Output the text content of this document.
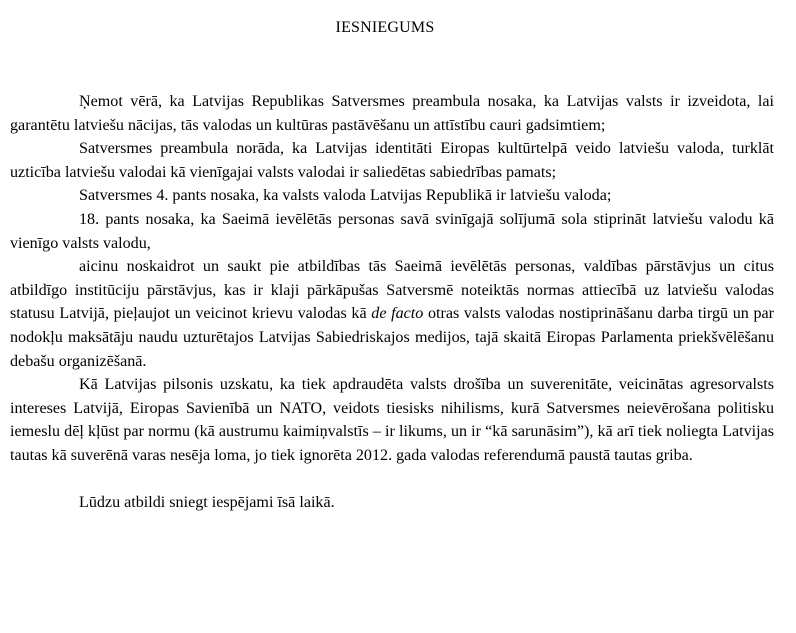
IESNIEGUMS

Ņemot vērā, ka Latvijas Republikas Satversmes preambula nosaka, ka Latvijas valsts ir izveidota, lai garantētu latviešu nācijas, tās valodas un kultūras pastāvēšanu un attīstību cauri gadsimtiem;

Satversmes preambula norāda, ka Latvijas identitāti Eiropas kultūrtelpā veido latviešu valoda, turklāt uzticība latviešu valodai kā vienīgajai valsts valodai ir saliedētas sabiedrības pamats;

Satversmes 4. pants nosaka, ka valsts valoda Latvijas Republikā ir latviešu valoda;

18. pants nosaka, ka Saeimā ievēlētās personas savā svinīgajā solījumā sola stiprināt latviešu valodu kā vienīgo valsts valodu,

aicinu noskaidrot un saukt pie atbildības tās Saeimā ievēlētās personas, valdības pārstāvjus un citus atbildīgo institūciju pārstāvjus, kas ir klaji pārkāpušas Satversmē noteiktās normas attiecībā uz latviešu valodas statusu Latvijā, pieļaujot un veicinot krievu valodas kā de facto otras valsts valodas nostiprināšanu darba tirgū un par nodokļu maksātāju naudu uzturētajos Latvijas Sabiedriskajos medijos, tajā skaitā Eiropas Parlamenta priekšvēlēšanu debašu organizēšanā.

Kā Latvijas pilsonis uzskatu, ka tiek apdraudēta valsts drošība un suverenitāte, veicinātas agresorvalsts intereses Latvijā, Eiropas Savienībā un NATO, veidots tiesisks nihilisms, kurā Satversmes neievērošana politisku iemeslu dēļ kļūst par normu (kā austrumu kaimiņvalstīs – ir likums, un ir “kā sarunāsim”), kā arī tiek noliegta Latvijas tautas kā suverēnā varas nesēja loma, jo tiek ignorēta 2012. gada valodas referendumā paustā tautas griba.

Lūdzu atbildi sniegt iespējami īsā laikā.
